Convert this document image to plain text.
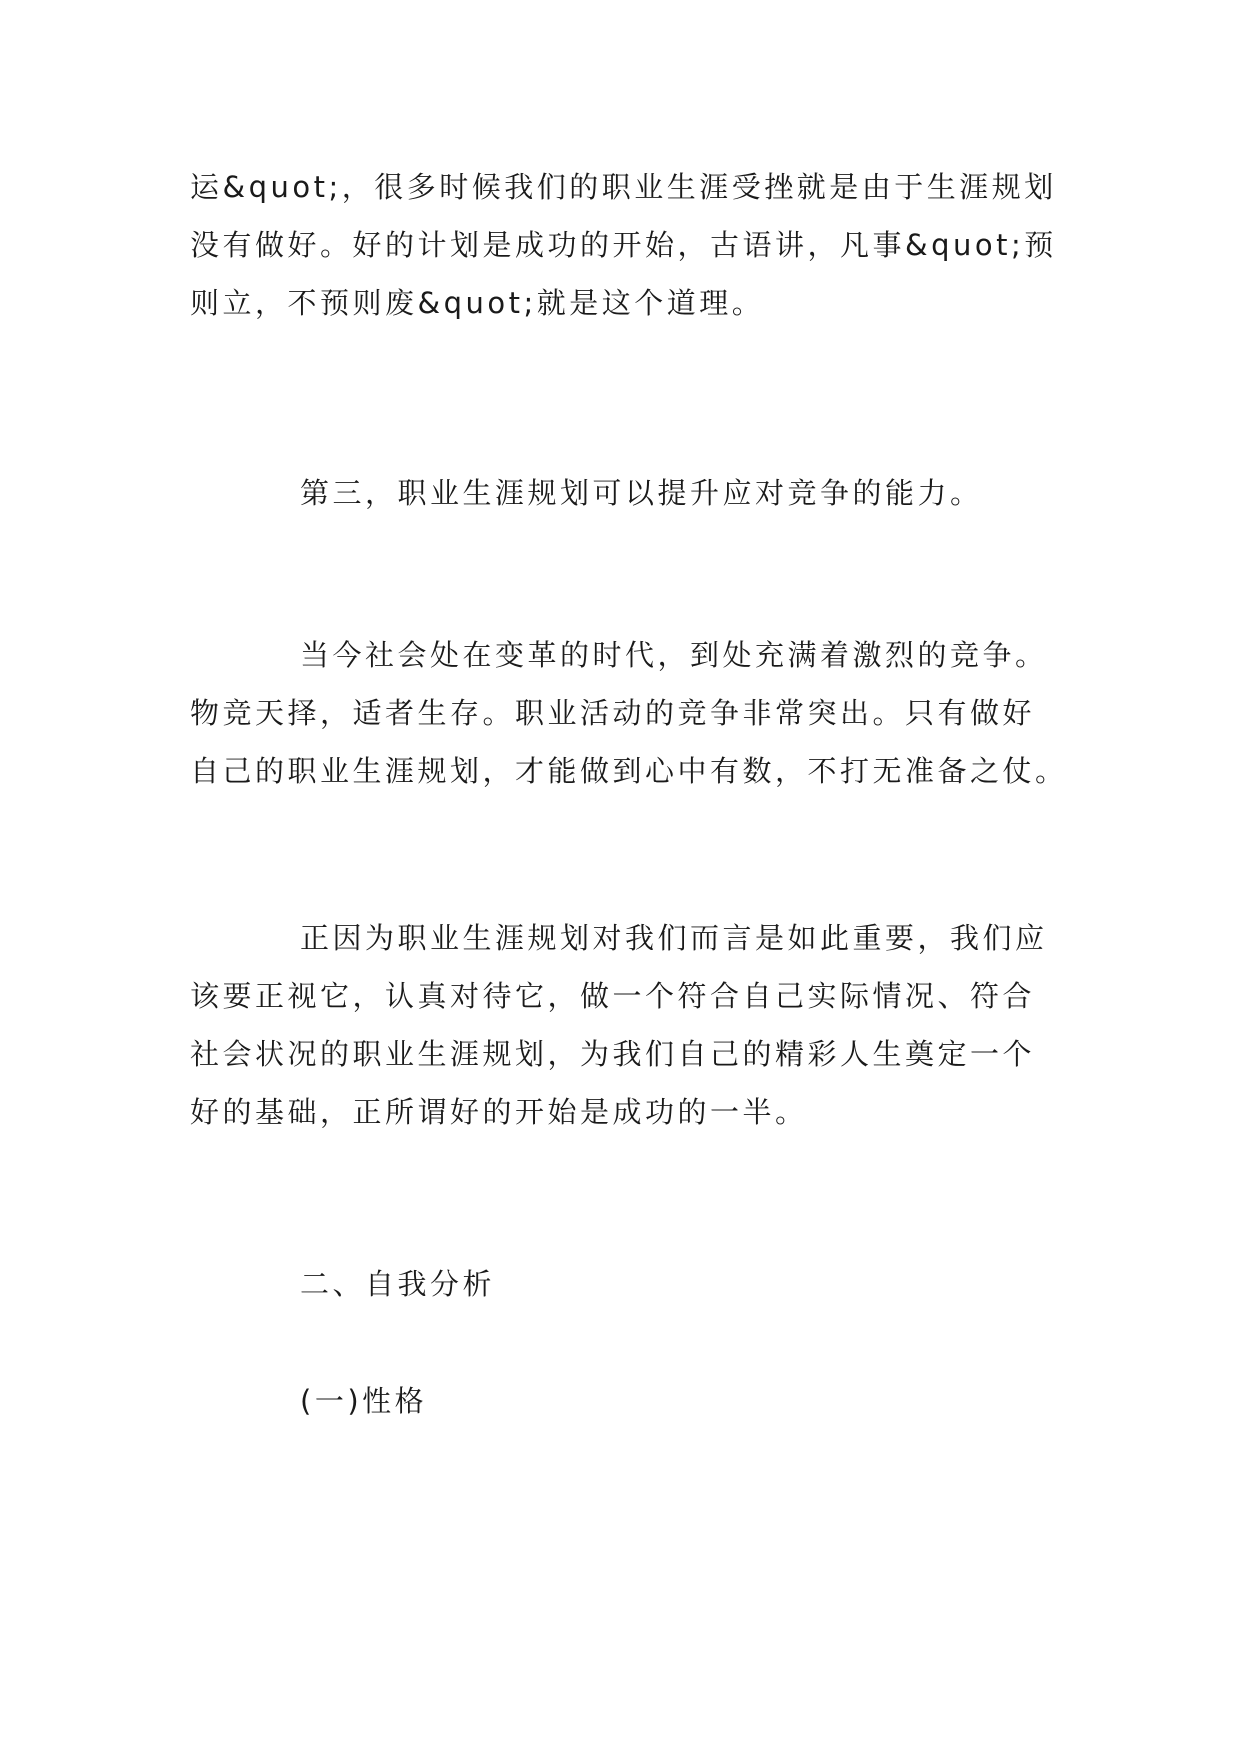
运&quot;，很多时候我们的职业生涯受挫就是由于生涯规划
没有做好。好的计划是成功的开始，古语讲，凡事&quot;预
则立，不预则废&quot;就是这个道理。
第三，职业生涯规划可以提升应对竞争的能力。
当今社会处在变革的时代，到处充满着激烈的竞争。
物竞天择，适者生存。职业活动的竞争非常突出。只有做好
自己的职业生涯规划，才能做到心中有数，不打无准备之仗。
正因为职业生涯规划对我们而言是如此重要，我们应
该要正视它，认真对待它，做一个符合自己实际情况、符合
社会状况的职业生涯规划，为我们自己的精彩人生奠定一个
好的基础，正所谓好的开始是成功的一半。
二、自我分析
(一)性格
